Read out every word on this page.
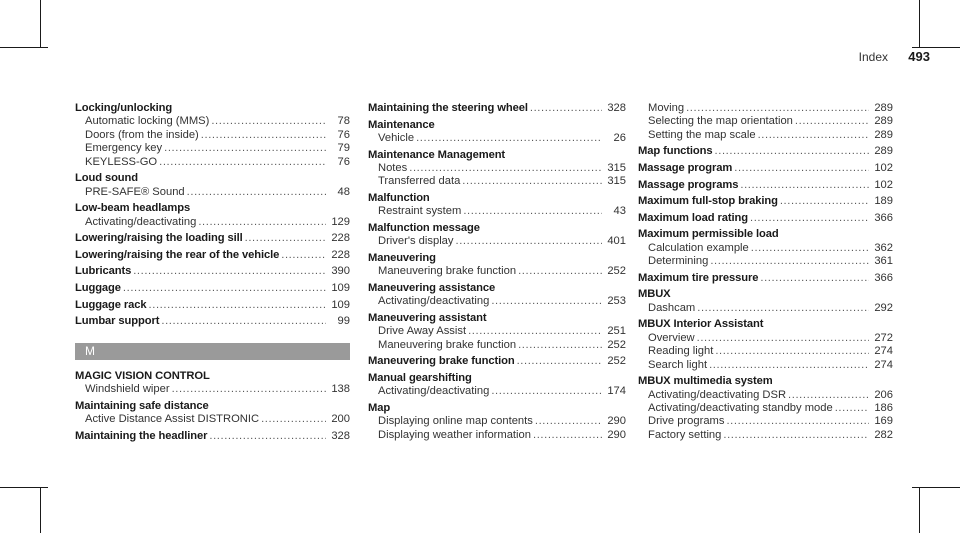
Index 493
Locking/unlocking
Automatic locking (MMS) .....	78
Doors (from the inside) .....	76
Emergency key .....	79
KEYLESS-GO .....	76
Loud sound
PRE-SAFE® Sound .....	48
Low-beam headlamps
Activating/deactivating .....	129
Lowering/raising the loading sill .....	228
Lowering/raising the rear of the vehicle .....	228
Lubricants .....	390
Luggage .....	109
Luggage rack .....	109
Lumbar support .....	99
M
MAGIC VISION CONTROL
Windshield wiper .....	138
Maintaining safe distance
Active Distance Assist DISTRONIC .....	200
Maintaining the headliner .....	328
Maintaining the steering wheel .....	328
Maintenance
Vehicle .....	26
Maintenance Management
Notes .....	315
Transferred data .....	315
Malfunction
Restraint system .....	43
Malfunction message
Driver's display .....	401
Maneuvering
Maneuvering brake function .....	252
Maneuvering assistance
Activating/deactivating .....	253
Maneuvering assistant
Drive Away Assist .....	251
Maneuvering brake function .....	252
Maneuvering brake function .....	252
Manual gearshifting
Activating/deactivating .....	174
Map
Displaying online map contents .....	290
Displaying weather information .....	290
Moving .....	289
Selecting the map orientation .....	289
Setting the map scale .....	289
Map functions .....	289
Massage program .....	102
Massage programs .....	102
Maximum full-stop braking .....	189
Maximum load rating .....	366
Maximum permissible load
Calculation example .....	362
Determining .....	361
Maximum tire pressure .....	366
MBUX
Dashcam .....	292
MBUX Interior Assistant
Overview .....	272
Reading light .....	274
Search light .....	274
MBUX multimedia system
Activating/deactivating DSR .....	206
Activating/deactivating standby mode .....	186
Drive programs .....	169
Factory setting .....	282
